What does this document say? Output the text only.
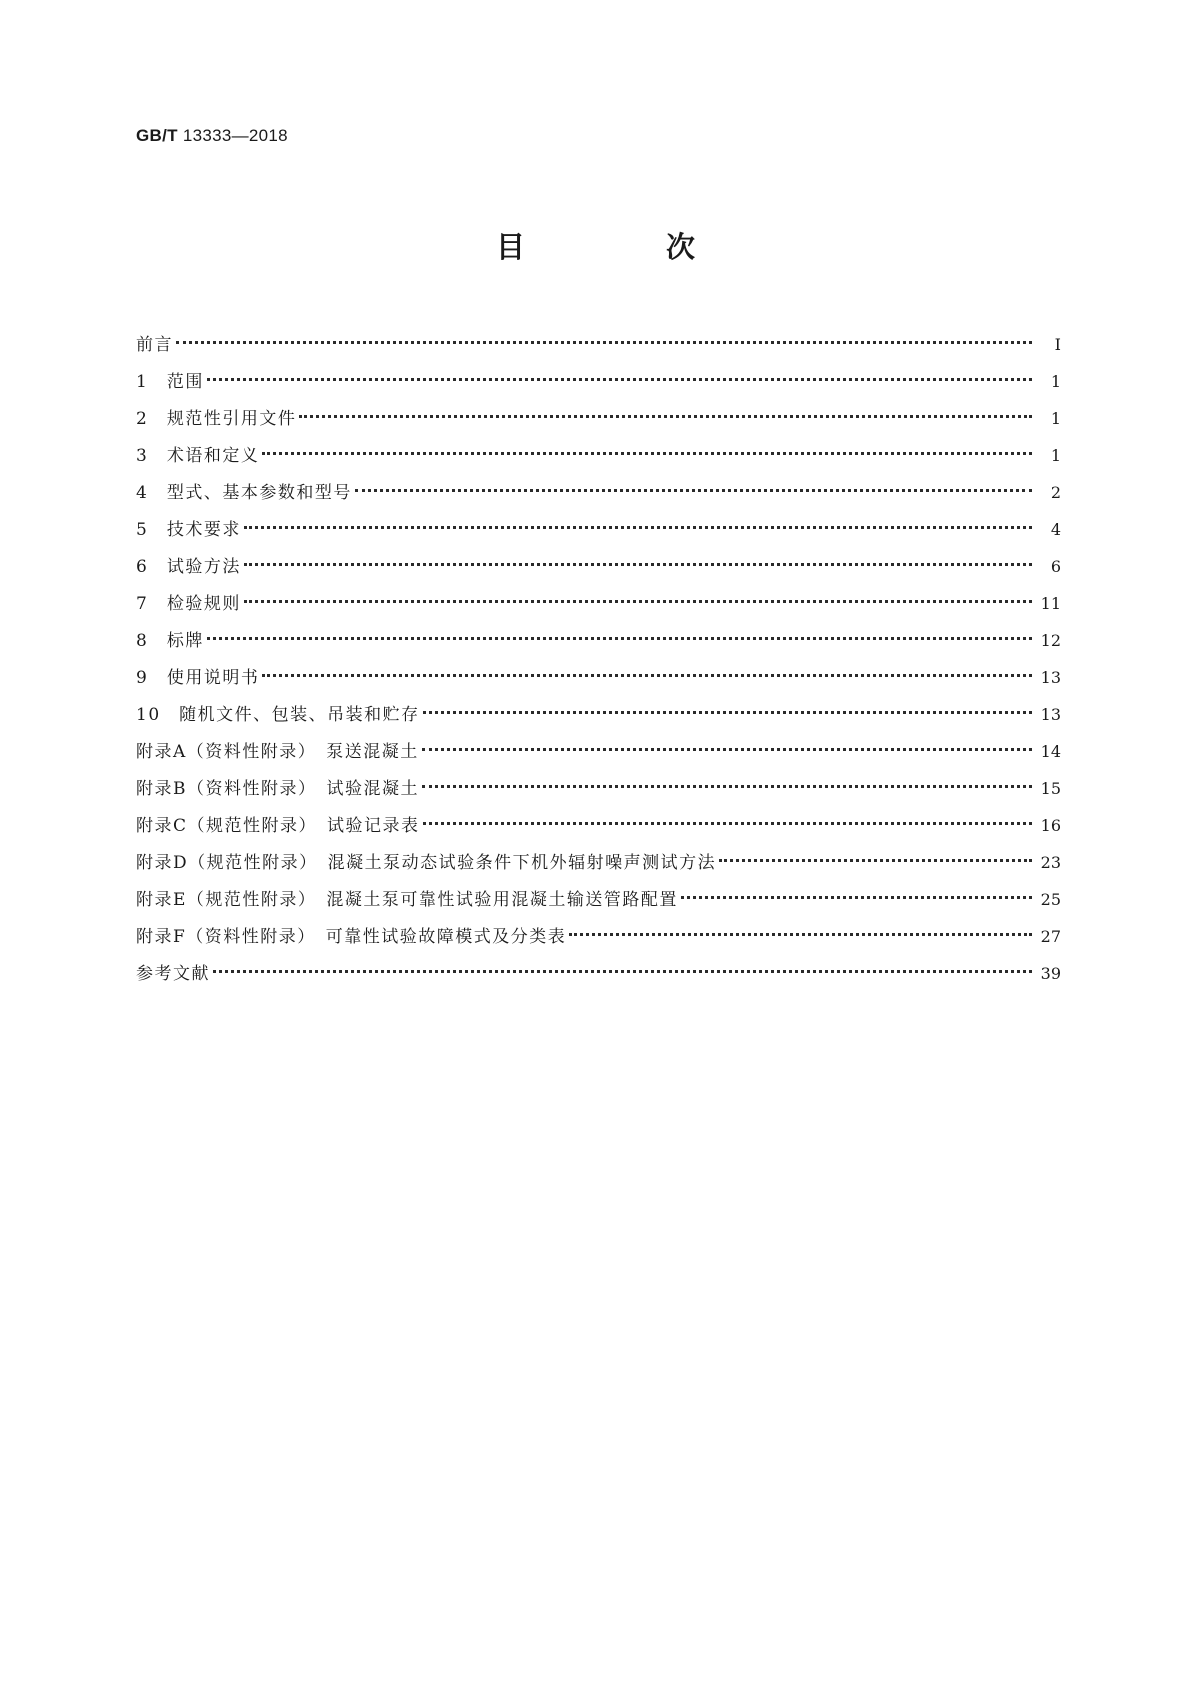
GB/T 13333—2018
目　次
前言	Ⅰ
1　范围	1
2　规范性引用文件	1
3　术语和定义	1
4　型式、基本参数和型号	2
5　技术要求	4
6　试验方法	6
7　检验规则	11
8　标牌	12
9　使用说明书	13
10　随机文件、包装、吊装和贮存	13
附录A（资料性附录）　泵送混凝土	14
附录B（资料性附录）　试验混凝土	15
附录C（规范性附录）　试验记录表	16
附录D（规范性附录）　混凝土泵动态试验条件下机外辐射噪声测试方法	23
附录E（规范性附录）　混凝土泵可靠性试验用混凝土输送管路配置	25
附录F（资料性附录）　可靠性试验故障模式及分类表	27
参考文献	39
